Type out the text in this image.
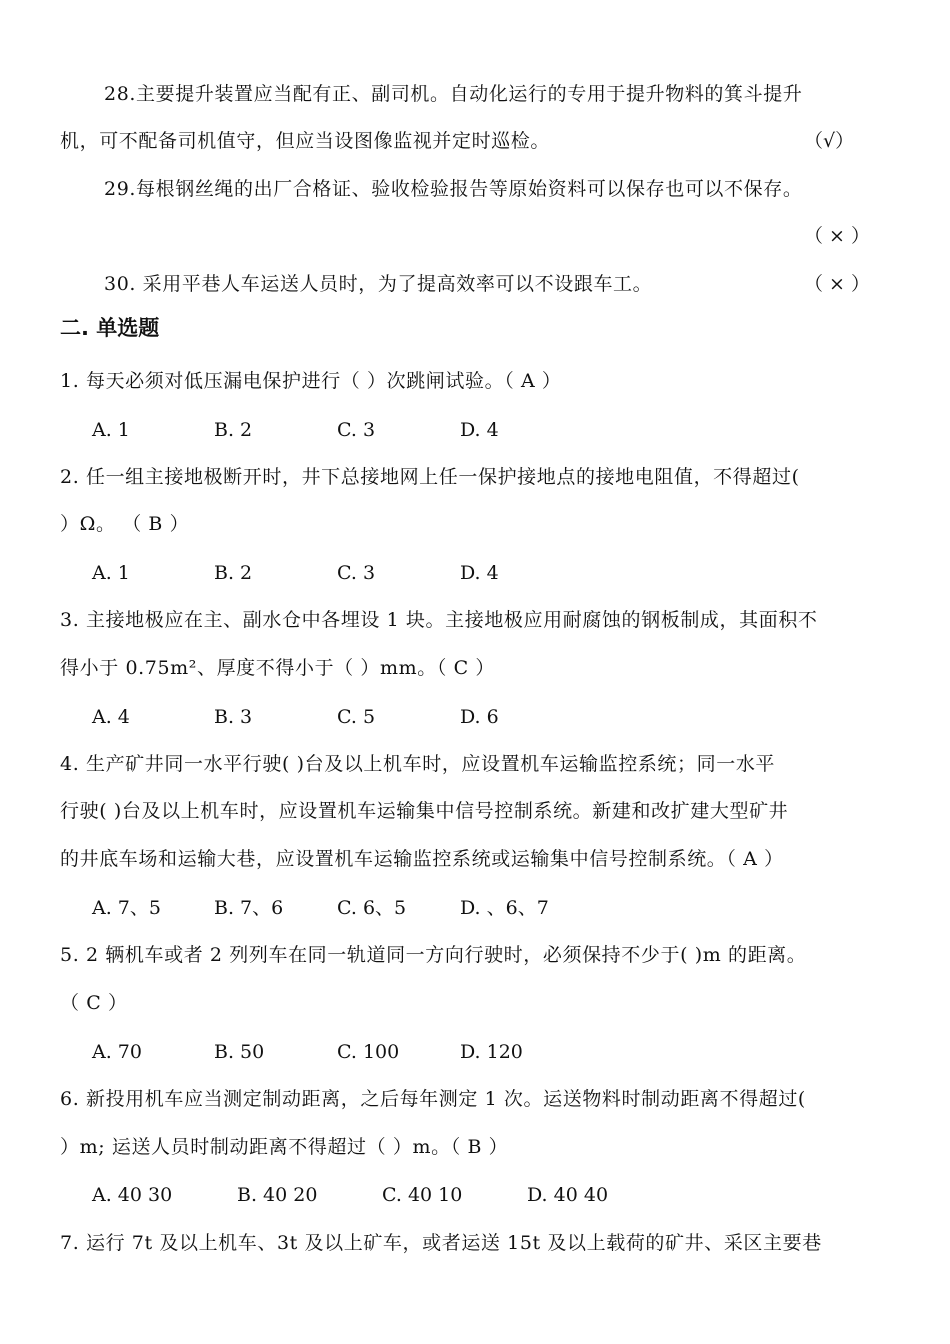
28.主要提升装置应当配有正、副司机。自动化运行的专用于提升物料的箕斗提升
机，可不配备司机值守，但应当设图像监视并定时巡检。	（√）
29.每根钢丝绳的出厂合格证、验收检验报告等原始资料可以保存也可以不保存。
（ × ）
30. 采用平巷人车运送人员时，为了提高效率可以不设跟车工。	（ × ）
二. 单选题
1. 每天必须对低压漏电保护进行（ ）次跳闸试验。（ A ）
A. 1	B. 2	C. 3	D. 4
2. 任一组主接地极断开时，井下总接地网上任一保护接地点的接地电阻值，不得超过(
）Ω。 （ B ）
A. 1	B. 2	C. 3	D. 4
3. 主接地极应在主、副水仓中各埋设 1 块。主接地极应用耐腐蚀的钢板制成，其面积不
得小于 0.75m²、厚度不得小于（ ）mm。（ C ）
A. 4	B. 3	C. 5	D. 6
4. 生产矿井同一水平行驶( )台及以上机车时，应设置机车运输监控系统；同一水平
行驶( )台及以上机车时，应设置机车运输集中信号控制系统。新建和改扩建大型矿井
的井底车场和运输大巷，应设置机车运输监控系统或运输集中信号控制系统。（ A ）
A. 7、5	B. 7、6	C. 6、5	D. 、6、7
5. 2 辆机车或者 2 列列车在同一轨道同一方向行驶时，必须保持不少于( )m 的距离。
（ C ）
A. 70	B. 50	C. 100	D. 120
6. 新投用机车应当测定制动距离，之后每年测定 1 次。运送物料时制动距离不得超过(
）m; 运送人员时制动距离不得超过（ ）m。（ B ）
A. 40 30	B. 40 20	C. 40 10	D. 40 40
7. 运行 7t 及以上机车、3t 及以上矿车，或者运送 15t 及以上载荷的矿井、采区主要巷
